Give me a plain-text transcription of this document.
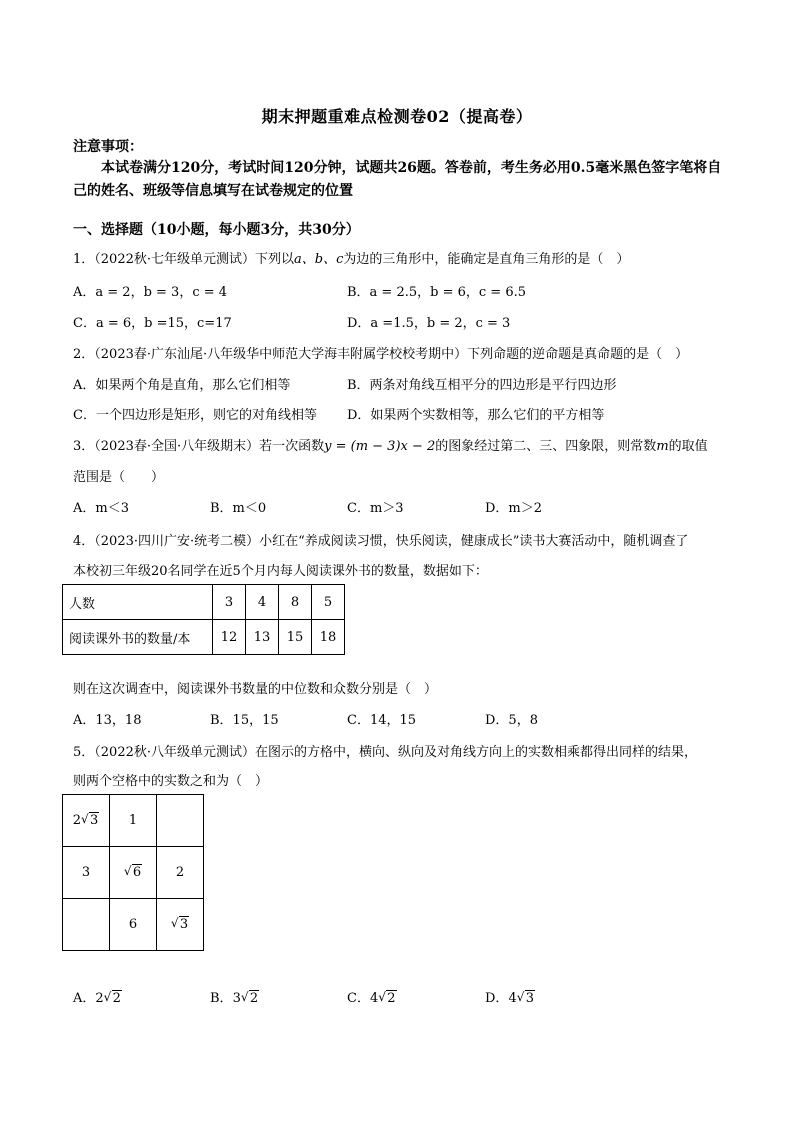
期末押题重难点检测卷02（提高卷）
注意事项：
本试卷满分120分，考试时间120分钟，试题共26题。答卷前，考生务必用0.5毫米黑色签字笔将自己的姓名、班级等信息填写在试卷规定的位置
一、选择题（10小题，每小题3分，共30分）
1．（2022秋·七年级单元测试）下列以a、b、c为边的三角形中，能确定是直角三角形的是（　）
A．a = 2，b = 3，c = 4	B．a = 2.5，b = 6，c = 6.5
C．a = 6，b =15，c=17	D．a =1.5，b = 2，c = 3
2．（2023春·广东汕尾·八年级华中师范大学海丰附属学校校考期中）下列命题的逆命题是真命题的是（　）
A．如果两个角是直角，那么它们相等	B．两条对角线互相平分的四边形是平行四边形
C．一个四边形是矩形，则它的对角线相等 D．如果两个实数相等，那么它们的平方相等
3．（2023春·全国·八年级期末）若一次函数y = (m − 3)x − 2的图象经过第二、三、四象限，则常数m的取值
范围是（　　）
A．m＜3	B．m＜0	C．m＞3	D．m＞2
4．（2023·四川广安·统考二模）小红在“养成阅读习惯，快乐阅读，健康成长”读书大赛活动中，随机调查了
本校初三年级20名同学在近5个月内每人阅读课外书的数量，数据如下：
人数	3	4	8	5
阅读课外书的数量/本	12	13	15	18
则在这次调查中，阅读课外书数量的中位数和众数分别是（　）
A．13，18	B．15，15	C．14，15	D．5，8
5．（2022秋·八年级单元测试）在图示的方格中，横向、纵向及对角线方向上的实数相乘都得出同样的结果，
则两个空格中的实数之和为（　）
2 √ 3	1	
3	√ 6	2
	6	√ 3
A．2 √ 2	B．3 √ 2	C．4 √ 2	D．4 √ 3
